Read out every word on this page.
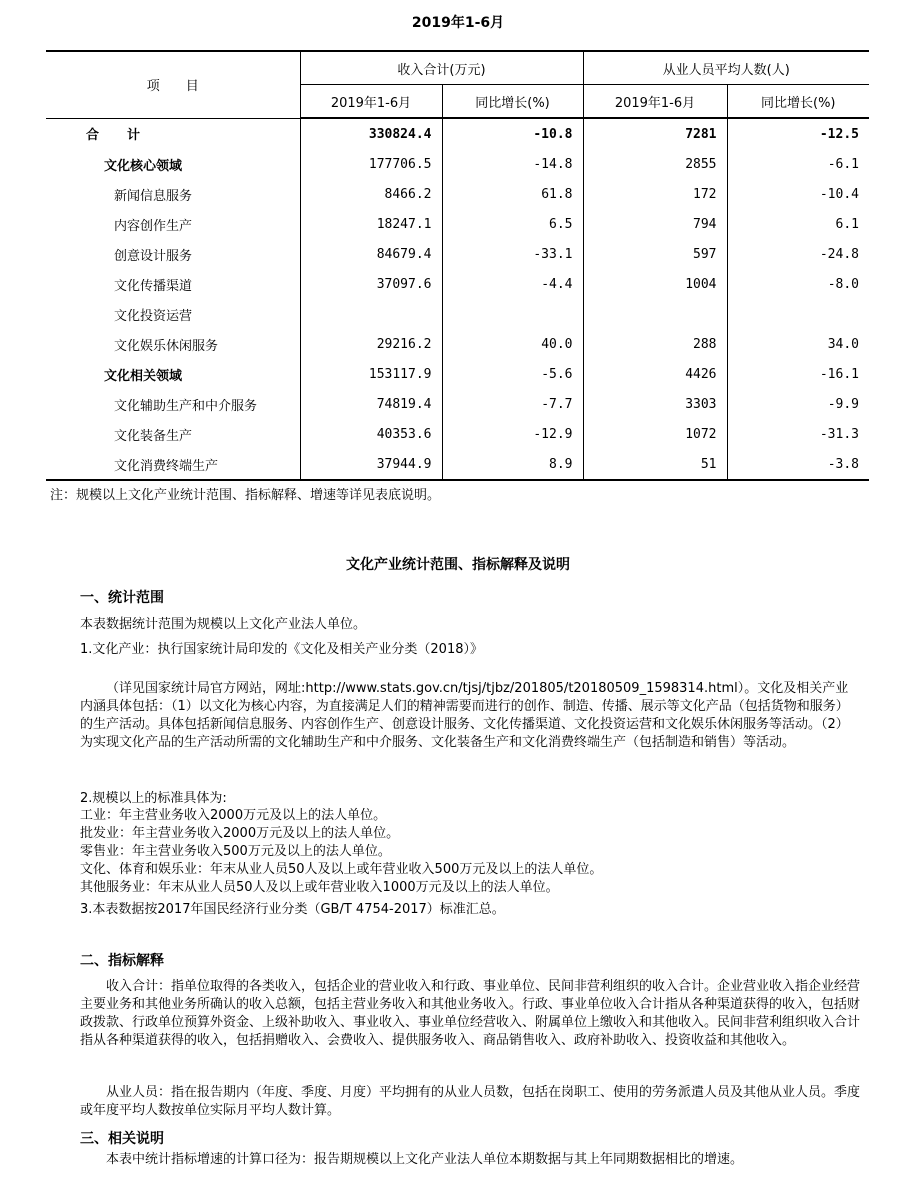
2019年1-6月
项　　目	收入合计(万元)		从业人员平均人数(人)	
	2019年1-6月	同比增长(%)	2019年1-6月	同比增长(%)
合计	330824.4	-10.8	7281	-12.5
文化核心领域	177706.5	-14.8	2855	-6.1
新闻信息服务	8466.2	61.8	172	-10.4
内容创作生产	18247.1	6.5	794	6.1
创意设计服务	84679.4	-33.1	597	-24.8
文化传播渠道	37097.6	-4.4	1004	-8.0
文化投资运营				
文化娱乐休闲服务	29216.2	40.0	288	34.0
文化相关领域	153117.9	-5.6	4426	-16.1
文化辅助生产和中介服务	74819.4	-7.7	3303	-9.9
文化装备生产	40353.6	-12.9	1072	-31.3
文化消费终端生产	37944.9	8.9	51	-3.8
注：规模以上文化产业统计范围、指标解释、增速等详见表底说明。
文化产业统计范围、指标解释及说明
一、统计范围
本表数据统计范围为规模以上文化产业法人单位。
1.文化产业：执行国家统计局印发的《文化及相关产业分类（2018）》
（详见国家统计局官方网站，网址:http://www.stats.gov.cn/tjsj/tjbz/201805/t20180509_1598314.html）。文化及相关产业内涵具体包括：（1）以文化为核心内容，为直接满足人们的精神需要而进行的创作、制造、传播、展示等文化产品（包括货物和服务）的生产活动。具体包括新闻信息服务、内容创作生产、创意设计服务、文化传播渠道、文化投资运营和文化娱乐休闲服务等活动。（2）为实现文化产品的生产活动所需的文化辅助生产和中介服务、文化装备生产和文化消费终端生产（包括制造和销售）等活动。
2.规模以上的标准具体为:
工业：年主营业务收入2000万元及以上的法人单位。
批发业：年主营业务收入2000万元及以上的法人单位。
零售业：年主营业务收入500万元及以上的法人单位。
文化、体育和娱乐业：年末从业人员50人及以上或年营业收入500万元及以上的法人单位。
其他服务业：年末从业人员50人及以上或年营业收入1000万元及以上的法人单位。
3.本表数据按2017年国民经济行业分类（GB/T 4754-2017）标准汇总。
二、指标解释
收入合计：指单位取得的各类收入，包括企业的营业收入和行政、事业单位、民间非营利组织的收入合计。企业营业收入指企业经营主要业务和其他业务所确认的收入总额，包括主营业务收入和其他业务收入。行政、事业单位收入合计指从各种渠道获得的收入，包括财政拨款、行政单位预算外资金、上级补助收入、事业收入、事业单位经营收入、附属单位上缴收入和其他收入。民间非营利组织收入合计指从各种渠道获得的收入，包括捐赠收入、会费收入、提供服务收入、商品销售收入、政府补助收入、投资收益和其他收入。
从业人员：指在报告期内（年度、季度、月度）平均拥有的从业人员数，包括在岗职工、使用的劳务派遣人员及其他从业人员。季度或年度平均人数按单位实际月平均人数计算。
三、相关说明
本表中统计指标增速的计算口径为：报告期规模以上文化产业法人单位本期数据与其上年同期数据相比的增速。
